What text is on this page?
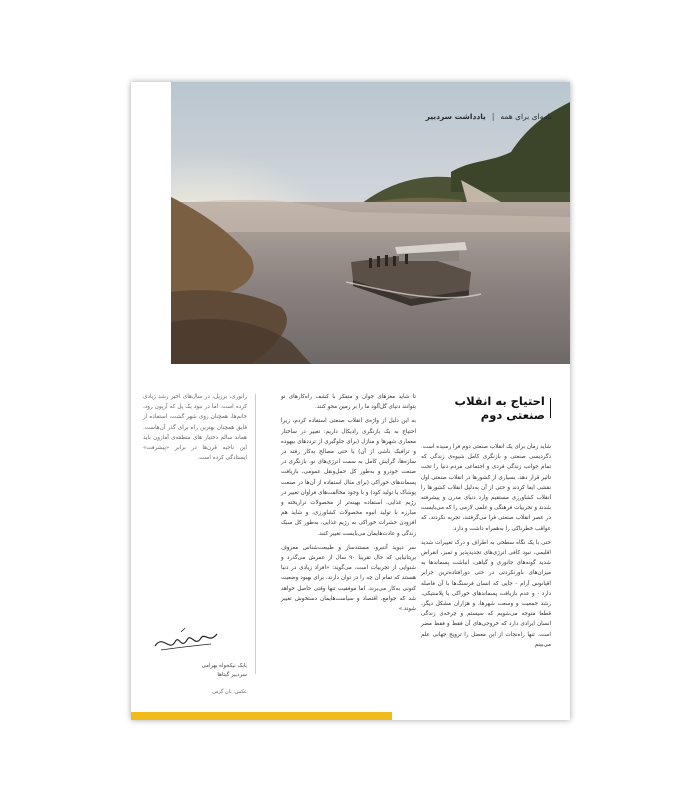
یادداشت سردبیر | نامه‌ای برای همه
احتیاج به انقلاب صنعتی دوم

شاید زمان برای یک انقلاب صنعتی دوم فرا رسیده است. دگردیسی صنعتی و بازنگری کامل شیوه‌ی زندگی که تمام جوانب زندگی فردی و اجتماعی مردم دنیا را تحت تاثیر قرار دهد. بسیاری از کشورها در انقلاب صنعتی اول نقشی ایفا کردند و حتی از آن به‌دلیل انقلاب کشورها را انقلاب کشاورزی مستقیم وارد دنیای مدرن و پیشرفته شدند و تجربیات فرهنگی و علمی لازمی را که می‌بایست در عصر انقلاب صنعتی فرا می‌گرفتند، تجربه نکردند، که عواقب خطرناکی را به‌همراه داشت و دارد.

حتی با یک نگاه سطحی به اطراف و درک تغییرات شدید اقلیمی، نبود کافی انرژی‌های تجدیدپذیر و تمیز، انقراض شدید گونه‌های جانوری و گیاهی، انباشت پسماندها به میزان‌های باورنکردنی در حتی دورافتاده‌ترین جزایر اقیانوس آرام - جایی که انسان فرسنگ‌ها با آن فاصله دارد - و عدم بازیافت پسماندهای خوراکی یا پلاستیکی، رشد جمعیت و وسعت شهرها، و هزاران مشکل دیگر، قطعا متوجه می‌شویم که سیستم و چرخه‌ی زندگی انسان ایرادی دارد که خروجی‌های آن فقط و فقط مضر است. تنها راه‌نجات از این معضل را ترویج جهانی علم می‌بینم

تا شاید مغزهای جوان و متفکر با کشف راه‌کارهای نو بتوانند دنیای گل‌آلود ما را بر زمین محو کنند.

به این دلیل از واژه‌ی انقلاب صنعتی استفاده کردم، زیرا احتیاج به یک بازنگری رادیکال داریم: تغییر در ساختار معماری شهرها و منازل (برای جلوگیری از ترددهای بیهوده و ترافیک ناشی از آن) یا حتی مصالح به‌کار رفته در سازه‌ها، گرایش کامل به سمت انرژی‌های نو، بازنگری در صنعت خودرو و به‌طور کل حمل‌ونقل عمومی، بازیافت پسماندهای خوراکی (برای مثال استفاده از آن‌ها در صنعت پوشاک یا تولید کود) و با وجود مخالفت‌های فراوان تغییر در رژیم غذایی، استفاده بهینه‌تر از محصولات تراریخته و مبارزه با تولید انبوه محصولات کشاورزی، و شاید هم افزودن حشرات خوراکی به رژیم غذایی، به‌طور کل سبک زندگی و عادت‌هایمان می‌بایست تغییر کنند.

سر دیوید آتنبرو، مستندساز و طبیعت‌شناس معروف بریتانیایی که حال تقریبا ۹۰ سال از عمرش می‌گذرد و شنوایی از تجربیات است، می‌گوید: «افراد زیادی در دنیا هستند که تمام آن چه را در توان دارند، برای بهبود وضعیت کنونی به‌کار می‌برند. اما موفقیت تنها وقتی حاصل خواهد شد که جوامع، اقتصاد و سیاست‌هایمان دستخوش تغییر شوند.»

رابوری، برزیل، در سال‌های اخیر رشد زیادی کرده است. اما در نبود یک پل که آرپون رود، خانم‌ها، همچنان روی شهر گشت، استفاده از قایق همچنان بهترین راه برای گذر آن‌هاست. هماند سالم دختیار های منطقه‌ی آمازون باید این ناحیه قرن‌ها در برابر «پیشرفت» ایستادگی کرده است.

بابک نیکخواه بهرامی
سردبیر گیتاها
عکس: بان گرس
